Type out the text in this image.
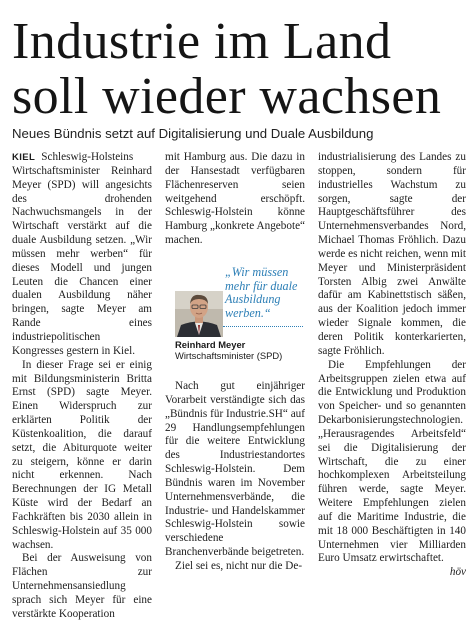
Industrie im Land
soll wieder wachsen
Neues Bündnis setzt auf Digitalisierung und Duale Ausbildung

KIEL Schleswig-Holsteins Wirtschaftsminister Reinhard Meyer (SPD) will angesichts des drohenden Nachwuchsmangels in der Wirtschaft verstärkt auf die duale Ausbildung setzen. „Wir müssen mehr werben“ für dieses Modell und jungen Leuten die Chancen einer dualen Ausbildung näher bringen, sagte Meyer am Rande eines industriepolitischen Kongresses gestern in Kiel.

In dieser Frage sei er einig mit Bildungsministerin Britta Ernst (SPD) sagte Meyer. Einen Widerspruch zur erklärten Politik der Küstenkoalition, die darauf setzt, die Abiturquote weiter zu steigern, könne er darin nicht erkennen. Nach Berechnungen der IG Metall Küste wird der Bedarf an Fachkräften bis 2030 allein in Schleswig-Holstein auf 35 000 wachsen.

Bei der Ausweisung von Flächen zur Unternehmensansiedlung sprach sich Meyer für eine verstärkte Kooperation

mit Hamburg aus. Die dazu in der Hansestadt verfügbaren Flächenreserven seien weitgehend erschöpft. Schleswig-Holstein könne Hamburg „konkrete Angebote“ machen.

„Wir müssen mehr für duale Ausbildung werben.“
Reinhard Meyer
Wirtschaftsminister (SPD)

Nach gut einjähriger Vorarbeit verständigte sich das „Bündnis für Industrie.SH“ auf 29 Handlungsempfehlungen für die weitere Entwicklung des Industriestandortes Schleswig-Holstein. Dem Bündnis waren im November Unternehmensverbände, die Industrie- und Handelskammer Schleswig-Holstein sowie verschiedene Branchenverbände beigetreten.

Ziel sei es, nicht nur die De-

industrialisierung des Landes zu stoppen, sondern für industrielles Wachstum zu sorgen, sagte der Hauptgeschäftsführer des Unternehmensverbandes Nord, Michael Thomas Fröhlich. Dazu werde es nicht reichen, wenn mit Meyer und Ministerpräsident Torsten Albig zwei Anwälte dafür am Kabinettstisch säßen, aus der Koalition jedoch immer wieder Signale kommen, die deren Politik konterkarierten, sagte Fröhlich.

Die Empfehlungen der Arbeitsgruppen zielen etwa auf die Entwicklung und Produktion von Speicher- und so genannten Dekarbonisierungstechnologien. „Herausragendes Arbeitsfeld“ sei die Digitalisierung der Wirtschaft, die zu einer hochkomplexen Arbeitsteilung führen werde, sagte Meyer. Weitere Empfehlungen zielen auf die Maritime Industrie, die mit 18 000 Beschäftigten in 140 Unternehmen vier Milliarden Euro Umsatz erwirtschaftet.

höv
